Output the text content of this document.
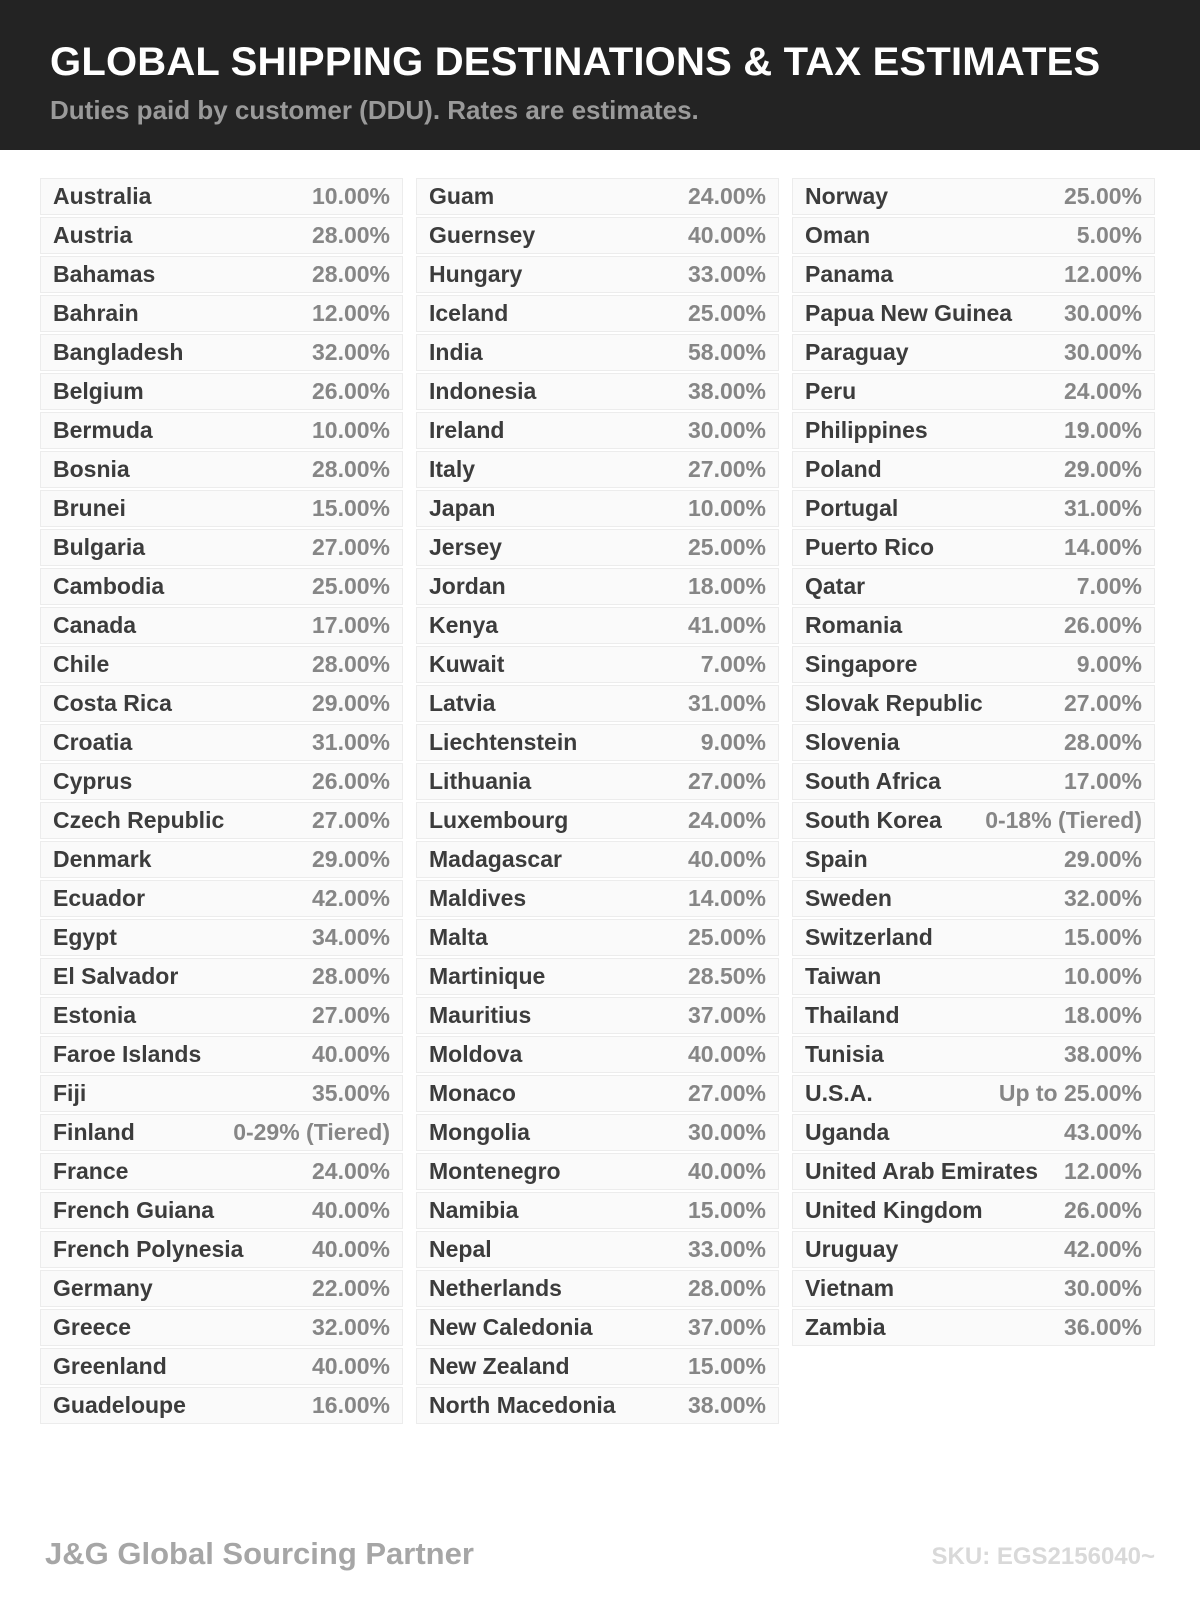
GLOBAL SHIPPING DESTINATIONS & TAX ESTIMATES
Duties paid by customer (DDU). Rates are estimates.
Australia	10.00%
Austria	28.00%
Bahamas	28.00%
Bahrain	12.00%
Bangladesh	32.00%
Belgium	26.00%
Bermuda	10.00%
Bosnia	28.00%
Brunei	15.00%
Bulgaria	27.00%
Cambodia	25.00%
Canada	17.00%
Chile	28.00%
Costa Rica	29.00%
Croatia	31.00%
Cyprus	26.00%
Czech Republic	27.00%
Denmark	29.00%
Ecuador	42.00%
Egypt	34.00%
El Salvador	28.00%
Estonia	27.00%
Faroe Islands	40.00%
Fiji	35.00%
Finland	0-29% (Tiered)
France	24.00%
French Guiana	40.00%
French Polynesia	40.00%
Germany	22.00%
Greece	32.00%
Greenland	40.00%
Guadeloupe	16.00%
Guam	24.00%
Guernsey	40.00%
Hungary	33.00%
Iceland	25.00%
India	58.00%
Indonesia	38.00%
Ireland	30.00%
Italy	27.00%
Japan	10.00%
Jersey	25.00%
Jordan	18.00%
Kenya	41.00%
Kuwait	7.00%
Latvia	31.00%
Liechtenstein	9.00%
Lithuania	27.00%
Luxembourg	24.00%
Madagascar	40.00%
Maldives	14.00%
Malta	25.00%
Martinique	28.50%
Mauritius	37.00%
Moldova	40.00%
Monaco	27.00%
Mongolia	30.00%
Montenegro	40.00%
Namibia	15.00%
Nepal	33.00%
Netherlands	28.00%
New Caledonia	37.00%
New Zealand	15.00%
North Macedonia	38.00%
Norway	25.00%
Oman	5.00%
Panama	12.00%
Papua New Guinea 30.00%
Paraguay	30.00%
Peru	24.00%
Philippines	19.00%
Poland	29.00%
Portugal	31.00%
Puerto Rico	14.00%
Qatar	7.00%
Romania	26.00%
Singapore	9.00%
Slovak Republic	27.00%
Slovenia	28.00%
South Africa	17.00%
South Korea 0-18% (Tiered)
Spain	29.00%
Sweden	32.00%
Switzerland	15.00%
Taiwan	10.00%
Thailand	18.00%
Tunisia	38.00%
U.S.A.	Up to 25.00%
Uganda	43.00%
United Arab Emirates 12.00%
United Kingdom	26.00%
Uruguay	42.00%
Vietnam	30.00%
Zambia	36.00%
J&G Global Sourcing Partner	SKU: EGS2156040~
